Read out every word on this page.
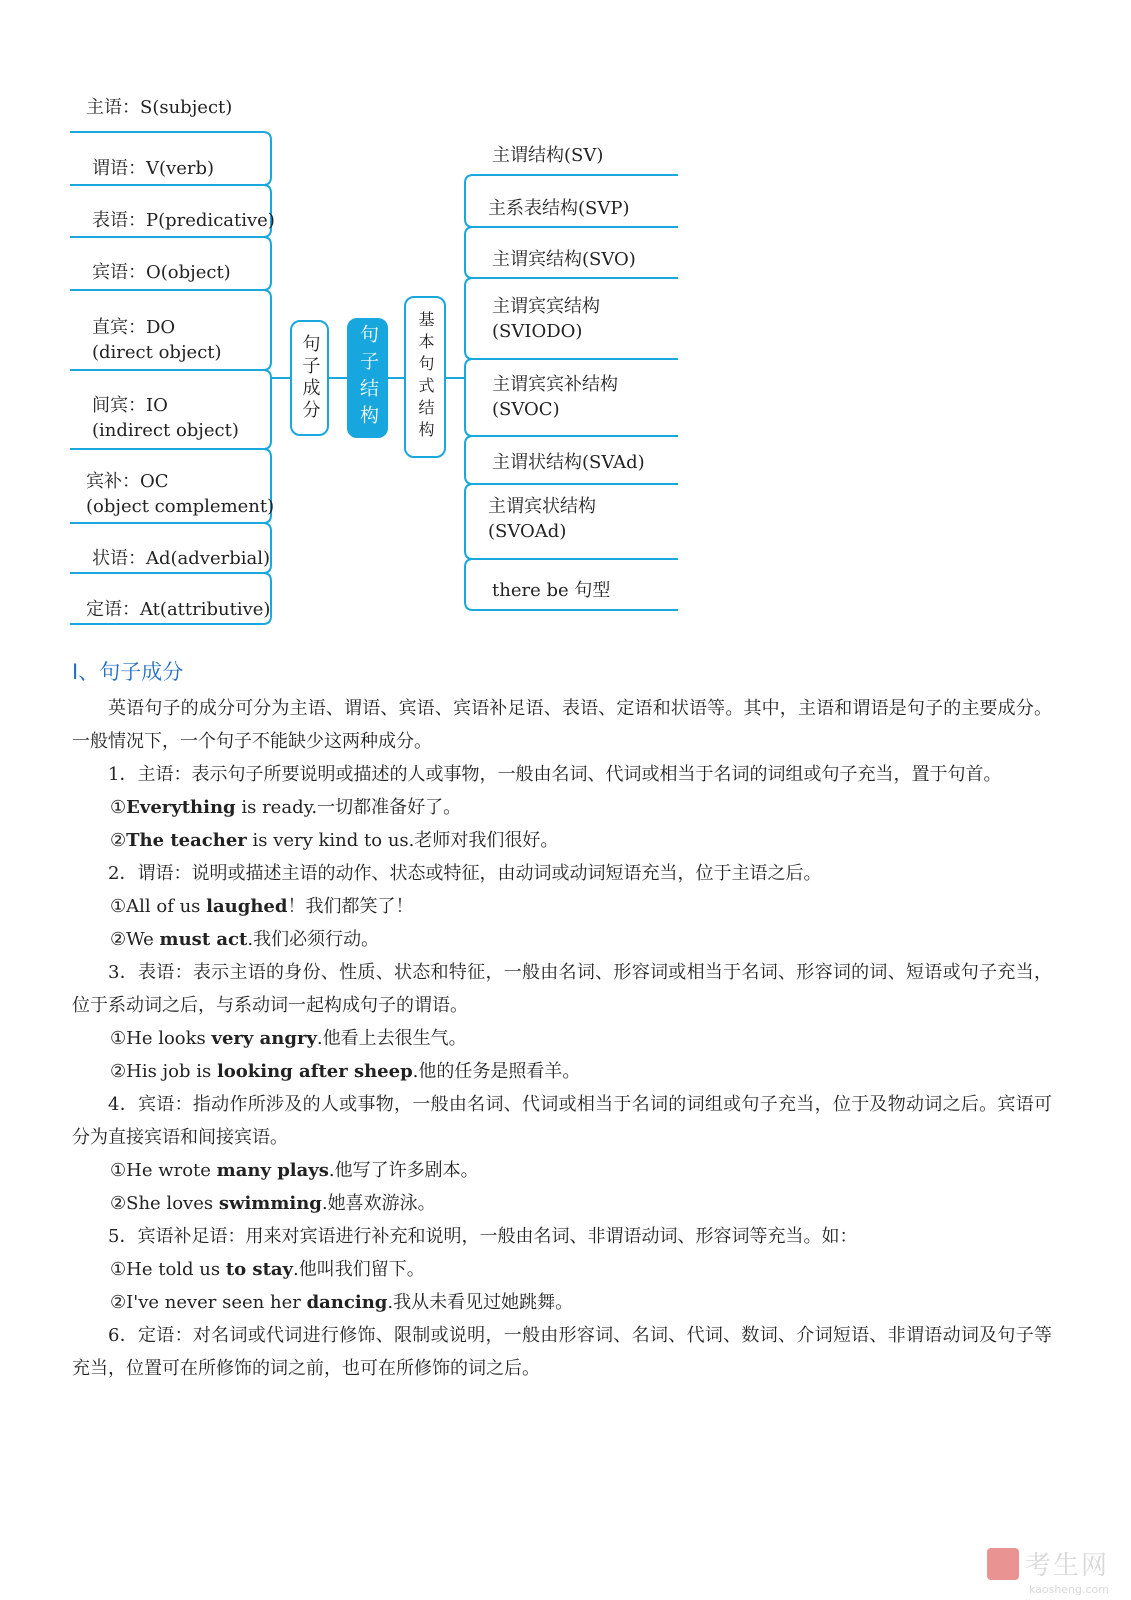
主语：S(subject)
谓语：V(verb)
表语：P(predicative)
宾语：O(object)
直宾：DO
(direct object)
间宾：IO
(indirect object)
宾补：OC
(object complement)
状语：Ad(adverbial)
定语：At(attributive)
句子成分 句子结构 基本句式结构
主谓结构(SV)
主系表结构(SVP)
主谓宾结构(SVO)
主谓宾宾结构
(SVIODO)
主谓宾宾补结构
(SVOC)
主谓状结构(SVAd)
主谓宾状结构
(SVOAd)
there be 句型
I、句子成分

英语句子的成分可分为主语、谓语、宾语、宾语补足语、表语、定语和状语等。其中，主语和谓语是句子的主要成分。一般情况下，一个句子不能缺少这两种成分。

1．主语：表示句子所要说明或描述的人或事物，一般由名词、代词或相当于名词的词组或句子充当，置于句首。

①Everything is ready.一切都准备好了。

②The teacher is very kind to us.老师对我们很好。

2．谓语：说明或描述主语的动作、状态或特征，由动词或动词短语充当，位于主语之后。

①All of us laughed！我们都笑了！

②We must act.我们必须行动。

3．表语：表示主语的身份、性质、状态和特征，一般由名词、形容词或相当于名词、形容词的词、短语或句子充当，位于系动词之后，与系动词一起构成句子的谓语。

①He looks very angry.他看上去很生气。

②His job is looking after sheep.他的任务是照看羊。

4．宾语：指动作所涉及的人或事物，一般由名词、代词或相当于名词的词组或句子充当，位于及物动词之后。宾语可分为直接宾语和间接宾语。

①He wrote many plays.他写了许多剧本。

②She loves swimming.她喜欢游泳。

5．宾语补足语：用来对宾语进行补充和说明，一般由名词、非谓语动词、形容词等充当。如：

①He told us to stay.他叫我们留下。

②I've never seen her dancing.我从未看见过她跳舞。

6．定语：对名词或代词进行修饰、限制或说明，一般由形容词、名词、代词、数词、介词短语、非谓语动词及句子等充当，位置可在所修饰的词之前，也可在所修饰的词之后。

考生网
kaosheng.com
